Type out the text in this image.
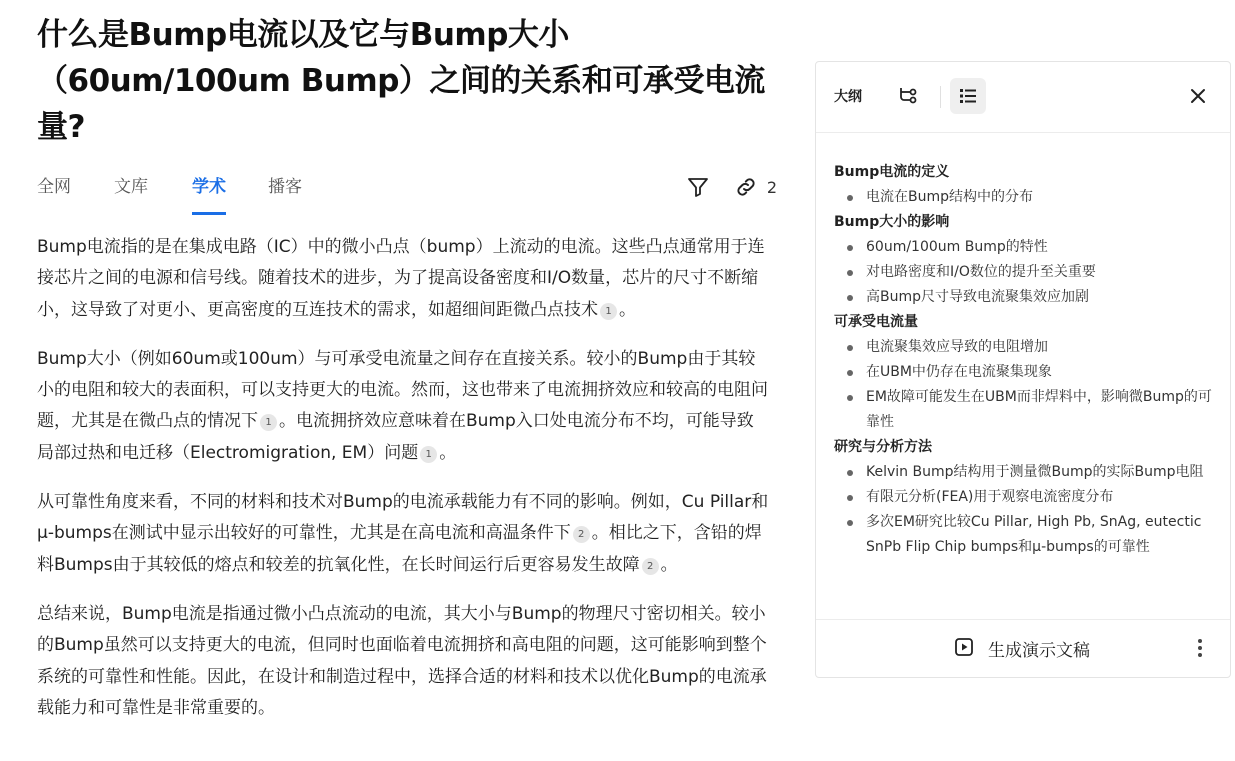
什么是Bump电流以及它与Bump大小（60um/100um Bump）之间的关系和可承受电流量?
全网	文库	学术 播客	2

Bump电流指的是在集成电路（IC）中的微小凸点（bump）上流动的电流。这些凸点通常用于连接芯片之间的电源和信号线。随着技术的进步，为了提高设备密度和I/O数量，芯片的尺寸不断缩小，这导致了对更小、更高密度的互连技术的需求，如超细间距微凸点技术 1 。

Bump大小（例如60um或100um）与可承受电流量之间存在直接关系。较小的Bump由于其较小的电阻和较大的表面积，可以支持更大的电流。然而，这也带来了电流拥挤效应和较高的电阻问题，尤其是在微凸点的情况下 1 。电流拥挤效应意味着在Bump入口处电流分布不均，可能导致局部过热和电迁移（Electromigration, EM）问题 1 。

从可靠性角度来看，不同的材料和技术对Bump的电流承载能力有不同的影响。例如，Cu Pillar和μ-bumps在测试中显示出较好的可靠性，尤其是在高电流和高温条件下 2 。相比之下，含铅的焊料Bumps由于其较低的熔点和较差的抗氧化性，在长时间运行后更容易发生故障 2 。

总结来说，Bump电流是指通过微小凸点流动的电流，其大小与Bump的物理尺寸密切相关。较小的Bump虽然可以支持更大的电流，但同时也面临着电流拥挤和高电阻的问题，这可能影响到整个系统的可靠性和性能。因此，在设计和制造过程中，选择合适的材料和技术以优化Bump的电流承载能力和可靠性是非常重要的。

大纲
Bump电流的定义
电流在Bump结构中的分布
Bump大小的影响
60um/100um Bump的特性
对电路密度和I/O数位的提升至关重要
高Bump尺寸导致电流聚集效应加剧
可承受电流量
电流聚集效应导致的电阻增加
在UBM中仍存在电流聚集现象
EM故障可能发生在UBM而非焊料中，影响微Bump的可靠性
研究与分析方法
Kelvin Bump结构用于测量微Bump的实际Bump电阻
有限元分析(FEA)用于观察电流密度分布
多次EM研究比较Cu Pillar, High Pb, SnAg, eutectic SnPb Flip Chip bumps和μ-bumps的可靠性
生成演示文稿
